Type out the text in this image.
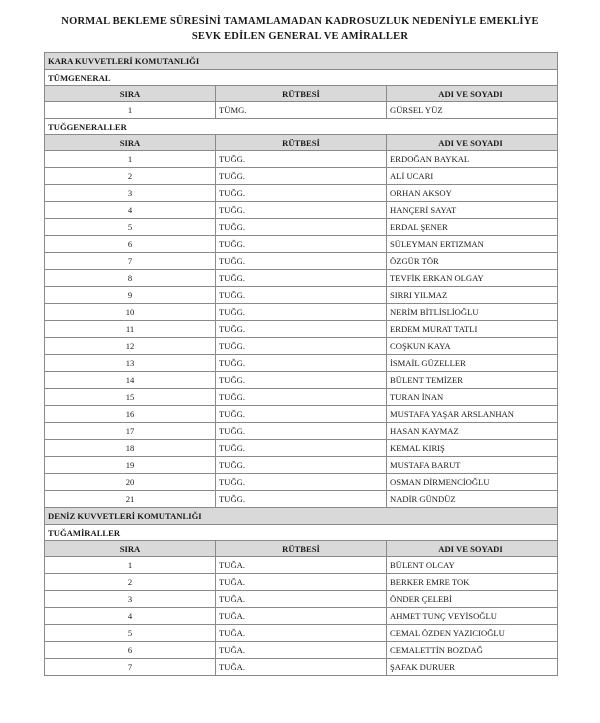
NORMAL BEKLEME SÜRESİNİ TAMAMLAMADAN KADROSUZLUK NEDENİYLE EMEKLİYE
SEVK EDİLEN GENERAL VE AMİRALLER
KARA KUVVETLERİ KOMUTANLIĞI		
TÜMGENERAL		
SIRA	RÜTBESİ	ADI VE SOYADI
1	TÜMG.	GÜRSEL YÜZ
TUĞGENERALLER		
SIRA	RÜTBESİ	ADI VE SOYADI
1	TUĞG.	ERDOĞAN BAYKAL
2	TUĞG.	ALİ UCARI
3	TUĞG.	ORHAN AKSOY
4	TUĞG.	HANÇERİ SAYAT
5	TUĞG.	ERDAL ŞENER
6	TUĞG.	SÜLEYMAN ERTIZMAN
7	TUĞG.	ÖZGÜR TÖR
8	TUĞG.	TEVFİK ERKAN OLGAY
9	TUĞG.	SIRRI YILMAZ
10	TUĞG.	NERİM BİTLİSLİOĞLU
11	TUĞG.	ERDEM MURAT TATLI
12	TUĞG.	COŞKUN KAYA
13	TUĞG.	İSMAİL GÜZELLER
14	TUĞG.	BÜLENT TEMİZER
15	TUĞG.	TURAN İNAN
16	TUĞG.	MUSTAFA YAŞAR ARSLANHAN
17	TUĞG.	HASAN KAYMAZ
18	TUĞG.	KEMAL KIRIŞ
19	TUĞG.	MUSTAFA BARUT
20	TUĞG.	OSMAN DİRMENCİOĞLU
21	TUĞG.	NADİR GÜNDÜZ
DENİZ KUVVETLERİ KOMUTANLIĞI		
TUĞAMİRALLER		
SIRA	RÜTBESİ	ADI VE SOYADI
1	TUĞA.	BÜLENT OLCAY
2	TUĞA.	BERKER EMRE TOK
3	TUĞA.	ÖNDER ÇELEBİ
4	TUĞA.	AHMET TUNÇ VEYİSOĞLU
5	TUĞA.	CEMAL ÖZDEN YAZICIOĞLU
6	TUĞA.	CEMALETTİN BOZDAĞ
7	TUĞA.	ŞAFAK DURUER
